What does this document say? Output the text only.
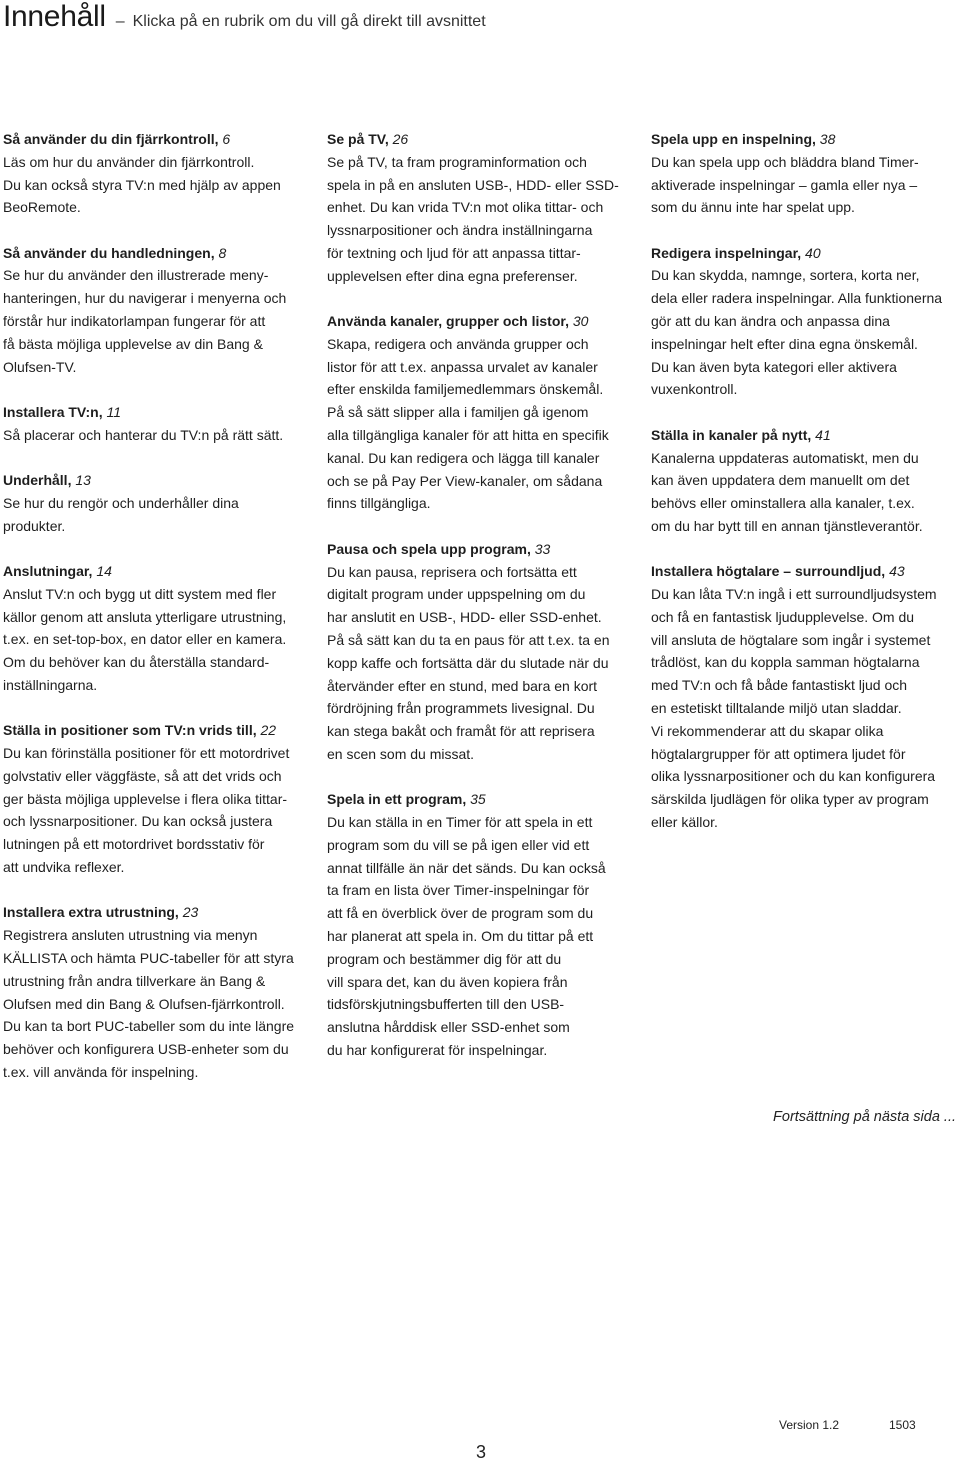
Innehåll – Klicka på en rubrik om du vill gå direkt till avsnittet
Så använder du din fjärrkontroll, 6
Läs om hur du använder din fjärrkontroll.
Du kan också styra TV:n med hjälp av appen
BeoRemote.
Så använder du handledningen, 8
Se hur du använder den illustrerade meny-
hanteringen, hur du navigerar i menyerna och
förstår hur indikatorlampan fungerar för att
få bästa möjliga upplevelse av din Bang &
Olufsen-TV.
Installera TV:n, 11
Så placerar och hanterar du TV:n på rätt sätt.
Underhåll, 13
Se hur du rengör och underhåller dina
produkter.
Anslutningar, 14
Anslut TV:n och bygg ut ditt system med fler
källor genom att ansluta ytterligare utrustning,
t.ex. en set-top-box, en dator eller en kamera.
Om du behöver kan du återställa standard-
inställningarna.
Ställa in positioner som TV:n vrids till, 22
Du kan förinställa positioner för ett motordrivet
golvstativ eller väggfäste, så att det vrids och
ger bästa möjliga upplevelse i flera olika tittar-
och lyssnarpositioner. Du kan också justera
lutningen på ett motordrivet bordsstativ för
att undvika reflexer.
Installera extra utrustning, 23
Registrera ansluten utrustning via menyn
KÄLLISTA och hämta PUC-tabeller för att styra
utrustning från andra tillverkare än Bang &
Olufsen med din Bang & Olufsen-fjärrkontroll.
Du kan ta bort PUC-tabeller som du inte längre
behöver och konfigurera USB-enheter som du
t.ex. vill använda för inspelning.
Se på TV, 26
Se på TV, ta fram programinformation och
spela in på en ansluten USB-, HDD- eller SSD-
enhet. Du kan vrida TV:n mot olika tittar- och
lyssnarpositioner och ändra inställningarna
för textning och ljud för att anpassa tittar-
upplevelsen efter dina egna preferenser.
Använda kanaler, grupper och listor, 30
Skapa, redigera och använda grupper och
listor för att t.ex. anpassa urvalet av kanaler
efter enskilda familjemedlemmars önskemål.
På så sätt slipper alla i familjen gå igenom
alla tillgängliga kanaler för att hitta en specifik
kanal. Du kan redigera och lägga till kanaler
och se på Pay Per View-kanaler, om sådana
finns tillgängliga.
Pausa och spela upp program, 33
Du kan pausa, reprisera och fortsätta ett
digitalt program under uppspelning om du
har anslutit en USB-, HDD- eller SSD-enhet.
På så sätt kan du ta en paus för att t.ex. ta en
kopp kaffe och fortsätta där du slutade när du
återvänder efter en stund, med bara en kort
fördröjning från programmets livesignal. Du
kan stega bakåt och framåt för att reprisera
en scen som du missat.
Spela in ett program, 35
Du kan ställa in en Timer för att spela in ett
program som du vill se på igen eller vid ett
annat tillfälle än när det sänds. Du kan också
ta fram en lista över Timer-inspelningar för
att få en överblick över de program som du
har planerat att spela in. Om du tittar på ett
program och bestämmer dig för att du
vill spara det, kan du även kopiera från
tidsförskjutningsbufferten till den USB-
anslutna hårddisk eller SSD-enhet som
du har konfigurerat för inspelningar.
Spela upp en inspelning, 38
Du kan spela upp och bläddra bland Timer-
aktiverade inspelningar – gamla eller nya –
som du ännu inte har spelat upp.
Redigera inspelningar, 40
Du kan skydda, namnge, sortera, korta ner,
dela eller radera inspelningar. Alla funktionerna
gör att du kan ändra och anpassa dina
inspelningar helt efter dina egna önskemål.
Du kan även byta kategori eller aktivera
vuxenkontroll.
Ställa in kanaler på nytt, 41
Kanalerna uppdateras automatiskt, men du
kan även uppdatera dem manuellt om det
behövs eller ominstallera alla kanaler, t.ex.
om du har bytt till en annan tjänstleverantör.
Installera högtalare – surroundljud, 43
Du kan låta TV:n ingå i ett surroundljudsystem
och få en fantastisk ljudupplevelse. Om du
vill ansluta de högtalare som ingår i systemet
trådlöst, kan du koppla samman högtalarna
med TV:n och få både fantastiskt ljud och
en estetiskt tilltalande miljö utan sladdar.
Vi rekommenderar att du skapar olika
högtalargrupper för att optimera ljudet för
olika lyssnarpositioner och du kan konfigurera
särskilda ljudlägen för olika typer av program
eller källor.
Fortsättning på nästa sida ...
Version 1.2	1503
3
